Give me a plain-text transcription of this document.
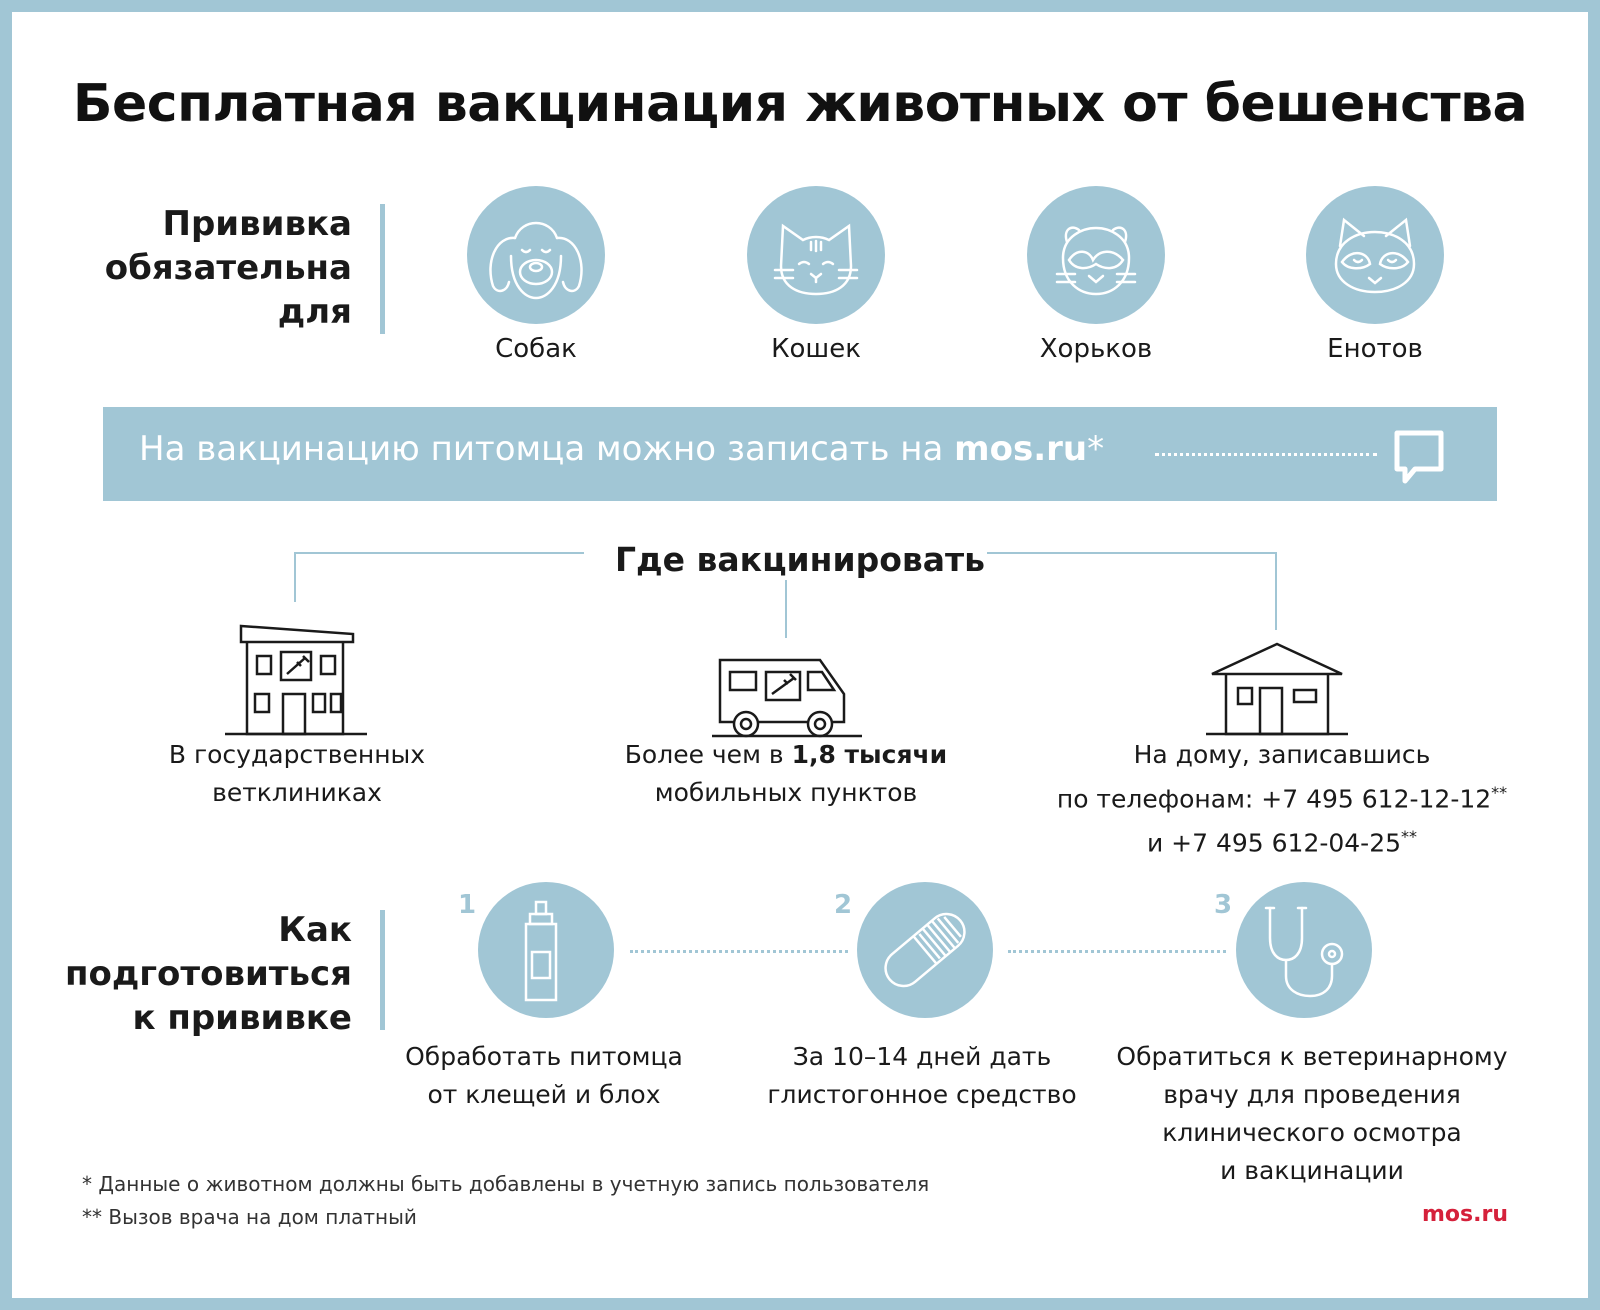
Бесплатная вакцинация животных от бешенства
Прививка
обязательна
для
Собак	Кошек	Хорьков	Енотов
На вакцинацию питомца можно записать на mos.ru*
Где вакцинировать
В государственных
ветклиниках
Более чем в 1,8 тысячи
мобильных пунктов
На дому, записавшись
по телефонам: +7 495 612-12-12**
и +7 495 612-04-25**
Как
подготовиться
к прививке
1	2	3
Обработать питомца
от клещей и блох
За 10–14 дней дать
глистогонное средство
Обратиться к ветеринарному
врачу для проведения
клинического осмотра
и вакцинации
* Данные о животном должны быть добавлены в учетную запись пользователя
** Вызов врача на дом платный	mos.ru
